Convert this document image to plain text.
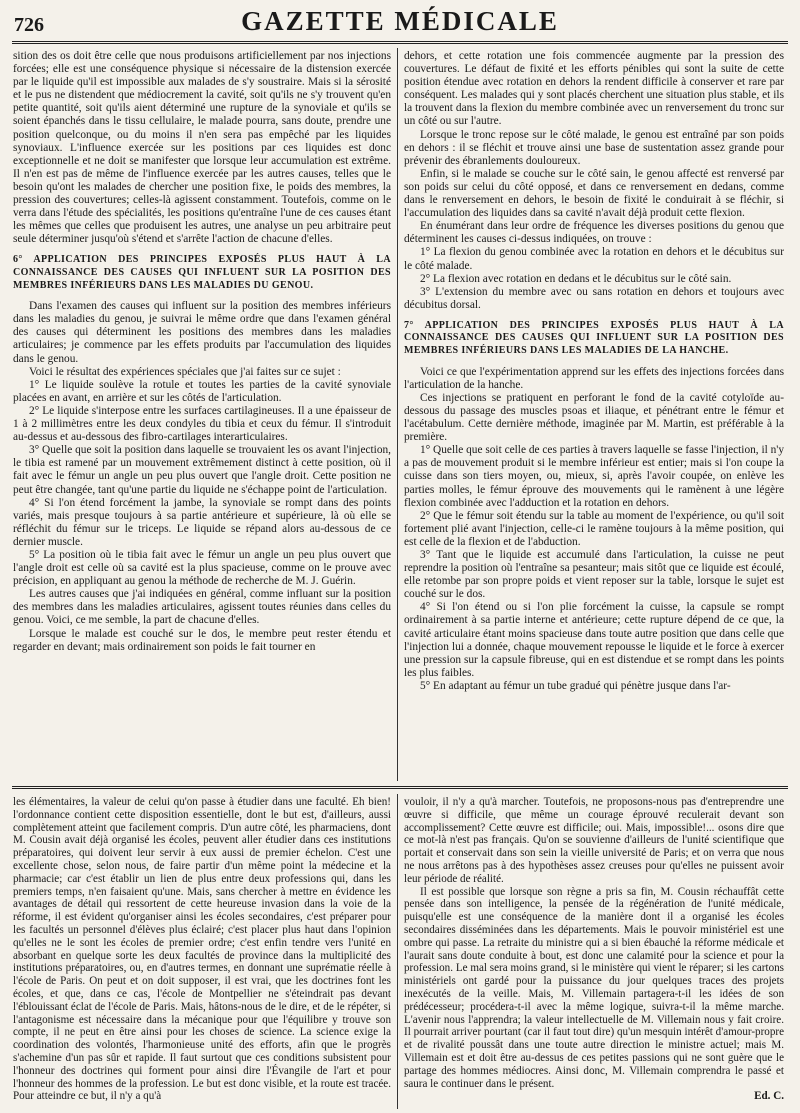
726	GAZETTE MÉDICALE

sition des os doit être celle que nous produisons artificiellement par nos injections forcées; elle est une conséquence physique si nécessaire de la distension exercée par le liquide qu'il est impossible aux malades de s'y soustraire. Mais si la sérosité et le pus ne distendent que médiocrement la cavité, soit qu'ils ne s'y trouvent qu'en petite quantité, soit qu'ils aient déterminé une rupture de la synoviale et qu'ils se soient épanchés dans le tissu cellulaire, le malade pourra, sans doute, prendre une position quelconque, ou du moins il n'en sera pas empêché par les liquides synoviaux. L'influence exercée sur les positions par ces liquides est donc exceptionnelle et ne doit se manifester que lorsque leur accumulation est extrême. Il n'en est pas de même de l'influence exercée par les autres causes, telles que le besoin qu'ont les malades de chercher une position fixe, le poids des membres, la pression des couvertures; celles-là agissent constamment. Toutefois, comme on le verra dans l'étude des spécialités, les positions qu'entraîne l'une de ces causes étant les mêmes que celles que produisent les autres, une analyse un peu arbitraire peut seule déterminer jusqu'où s'étend et s'arrête l'action de chacune d'elles.

6° APPLICATION DES PRINCIPES EXPOSÉS PLUS HAUT À LA CONNAISSANCE DES CAUSES QUI INFLUENT SUR LA POSITION DES MEMBRES INFÉRIEURS DANS LES MALADIES DU GENOU.

Dans l'examen des causes qui influent sur la position des membres inférieurs dans les maladies du genou, je suivrai le même ordre que dans l'examen général des causes qui déterminent les positions des membres dans les maladies articulaires; je commence par les effets produits par l'accumulation des liquides dans le genou.

Voici le résultat des expériences spéciales que j'ai faites sur ce sujet :

1° Le liquide soulève la rotule et toutes les parties de la cavité synoviale placées en avant, en arrière et sur les côtés de l'articulation.

2° Le liquide s'interpose entre les surfaces cartilagineuses. Il a une épaisseur de 1 à 2 millimètres entre les deux condyles du tibia et ceux du fémur. Il s'introduit au-dessus et au-dessous des fibro-cartilages interarticulaires.

3° Quelle que soit la position dans laquelle se trouvaient les os avant l'injection, le tibia est ramené par un mouvement extrêmement distinct à cette position, où il fait avec le fémur un angle un peu plus ouvert que l'angle droit. Cette position ne peut être changée, tant qu'une partie du liquide ne s'échappe point de l'articulation.

4° Si l'on étend forcément la jambe, la synoviale se rompt dans des points variés, mais presque toujours à sa partie antérieure et supérieure, là où elle se réfléchit du fémur sur le triceps. Le liquide se répand alors au-dessous de ce dernier muscle.

5° La position où le tibia fait avec le fémur un angle un peu plus ouvert que l'angle droit est celle où sa cavité est la plus spacieuse, comme on le prouve avec précision, en appliquant au genou la méthode de recherche de M. J. Guérin.

Les autres causes que j'ai indiquées en général, comme influant sur la position des membres dans les maladies articulaires, agissent toutes réunies dans celles du genou. Voici, ce me semble, la part de chacune d'elles.

Lorsque le malade est couché sur le dos, le membre peut rester étendu et regarder en devant; mais ordinairement son poids le fait tourner en

dehors, et cette rotation une fois commencée augmente par la pression des couvertures. Le défaut de fixité et les efforts pénibles qui sont la suite de cette position étendue avec rotation en dehors la rendent difficile à conserver et rare par conséquent. Les malades qui y sont placés cherchent une situation plus stable, et ils la trouvent dans la flexion du membre combinée avec un renversement du tronc sur un côté ou sur l'autre.

Lorsque le tronc repose sur le côté malade, le genou est entraîné par son poids en dehors : il se fléchit et trouve ainsi une base de sustentation assez grande pour prévenir des ébranlements douloureux.

Enfin, si le malade se couche sur le côté sain, le genou affecté est renversé par son poids sur celui du côté opposé, et dans ce renversement en dedans, comme dans le renversement en dehors, le besoin de fixité le conduirait à se fléchir, si l'accumulation des liquides dans sa cavité n'avait déjà produit cette flexion.

En énumérant dans leur ordre de fréquence les diverses positions du genou que déterminent les causes ci-dessus indiquées, on trouve :

1° La flexion du genou combinée avec la rotation en dehors et le décubitus sur le côté malade.

2° La flexion avec rotation en dedans et le décubitus sur le côté sain.

3° L'extension du membre avec ou sans rotation en dehors et toujours avec décubitus dorsal.

7° APPLICATION DES PRINCIPES EXPOSÉS PLUS HAUT À LA CONNAISSANCE DES CAUSES QUI INFLUENT SUR LA POSITION DES MEMBRES INFÉRIEURS DANS LES MALADIES DE LA HANCHE.

Voici ce que l'expérimentation apprend sur les effets des injections forcées dans l'articulation de la hanche.

Ces injections se pratiquent en perforant le fond de la cavité cotyloïde au-dessous du passage des muscles psoas et iliaque, et pénétrant entre le fémur et l'acétabulum. Cette dernière méthode, imaginée par M. Martin, est préférable à la première.

1° Quelle que soit celle de ces parties à travers laquelle se fasse l'injection, il n'y a pas de mouvement produit si le membre inférieur est entier; mais si l'on coupe la cuisse dans son tiers moyen, ou, mieux, si, après l'avoir coupée, on enlève les parties molles, le fémur éprouve des mouvements qui le ramènent à une légère flexion combinée avec l'adduction et la rotation en dehors.

2° Que le fémur soit étendu sur la table au moment de l'expérience, ou qu'il soit fortement plié avant l'injection, celle-ci le ramène toujours à la même position, qui est celle de la flexion et de l'abduction.

3° Tant que le liquide est accumulé dans l'articulation, la cuisse ne peut reprendre la position où l'entraîne sa pesanteur; mais sitôt que ce liquide est écoulé, elle retombe par son propre poids et vient reposer sur la table, lorsque le sujet est couché sur le dos.

4° Si l'on étend ou si l'on plie forcément la cuisse, la capsule se rompt ordinairement à sa partie interne et antérieure; cette rupture dépend de ce que, la cavité articulaire étant moins spacieuse dans toute autre position que dans celle que l'injection lui a donnée, chaque mouvement repousse le liquide et le force à exercer une pression sur la capsule fibreuse, qui en est distendue et se rompt dans les points les plus faibles.

5° En adaptant au fémur un tube gradué qui pénètre jusque dans l'ar-

les élémentaires, la valeur de celui qu'on passe à étudier dans une faculté. Eh bien! l'ordonnance contient cette disposition essentielle, dont le but est, d'ailleurs, aussi complètement atteint que facilement compris. D'un autre côté, les pharmaciens, dont M. Cousin avait déjà organisé les écoles, peuvent aller étudier dans ces institutions préparatoires, qui doivent leur servir à eux aussi de premier échelon. C'est une excellente chose, selon nous, de faire partir d'un même point la médecine et la pharmacie; car c'est établir un lien de plus entre deux professions qui, dans les premiers temps, n'en faisaient qu'une. Mais, sans chercher à mettre en évidence les avantages de détail qui ressortent de cette heureuse invasion dans la voie de la réforme, il est évident qu'organiser ainsi les écoles secondaires, c'est préparer pour les facultés un personnel d'élèves plus éclairé; c'est placer plus haut dans l'opinion qu'elles ne le sont les écoles de premier ordre; c'est enfin tendre vers l'unité en absorbant en quelque sorte les deux facultés de province dans la multiplicité des institutions préparatoires, ou, en d'autres termes, en donnant une suprématie réelle à l'école de Paris. On peut et on doit supposer, il est vrai, que les doctrines font les écoles, et que, dans ce cas, l'école de Montpellier ne s'éteindrait pas devant l'éblouissant éclat de l'école de Paris. Mais, hâtons-nous de le dire, et de le répéter, si l'antagonisme est nécessaire dans la mécanique pour que l'équilibre y trouve son compte, il ne peut en être ainsi pour les choses de science. La science exige la coordination des volontés, l'harmonieuse unité des efforts, afin que le progrès s'achemine d'un pas sûr et rapide. Il faut surtout que ces conditions subsistent pour l'honneur des doctrines qui forment pour ainsi dire l'Évangile de l'art et pour l'honneur des hommes de la profession. Le but est donc visible, et la route est tracée. Pour atteindre ce but, il n'y a qu'à

vouloir, il n'y a qu'à marcher. Toutefois, ne proposons-nous pas d'entreprendre une œuvre si difficile, que même un courage éprouvé reculerait devant son accomplissement? Cette œuvre est difficile; oui. Mais, impossible!... osons dire que ce mot-là n'est pas français. Qu'on se souvienne d'ailleurs de l'unité scientifique que portait et conservait dans son sein la vieille université de Paris; et on verra que nous ne nous arrêtons pas à des hypothèses assez creuses pour qu'elles ne puissent avoir leur période de réalité.

Il est possible que lorsque son règne a pris sa fin, M. Cousin réchauffât cette pensée dans son intelligence, la pensée de la régénération de l'unité médicale, puisqu'elle est une conséquence de la manière dont il a organisé les écoles secondaires disséminées dans les départements. Mais le pouvoir ministériel est une ombre qui passe. La retraite du ministre qui a si bien ébauché la réforme médicale et l'aurait sans doute conduite à bout, est donc une calamité pour la science et pour la profession. Le mal sera moins grand, si le ministère qui vient le réparer; si les cartons ministériels ont gardé pour la puissance du jour quelques traces des projets inexécutés de la veille. Mais, M. Villemain partagera-t-il les idées de son prédécesseur; procédera-t-il avec la même logique, suivra-t-il la même marche. L'avenir nous l'apprendra; la valeur intellectuelle de M. Villemain nous y fait croire. Il pourrait arriver pourtant (car il faut tout dire) qu'un mesquin intérêt d'amour-propre et de rivalité poussât dans une toute autre direction le ministre actuel; mais M. Villemain est et doit être au-dessus de ces petites passions qui ne sont guère que le partage des hommes médiocres. Ainsi donc, M. Villemain comprendra le passé et saura le continuer dans le présent.

Ed. C.
